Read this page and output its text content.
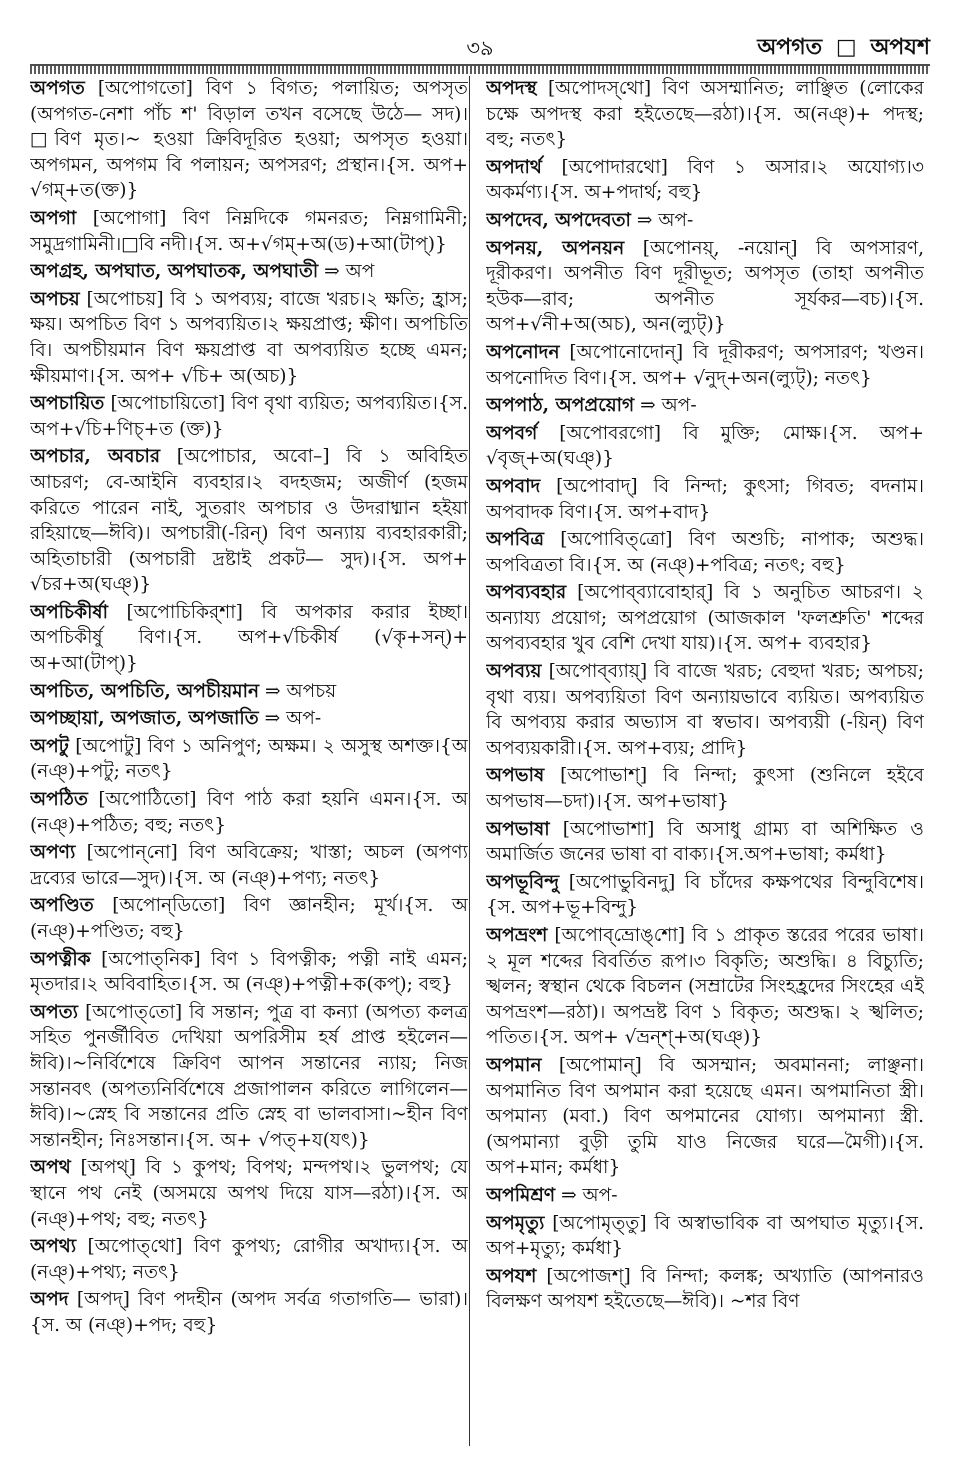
৩৯	অপগত □ অপযশ
অপগত [অপোগতো] বিণ ১ বিগত; পলায়িত; অপসৃত (অপগত-নেশা পাঁচ শ' বিড়াল তখন বসেছে উঠে— সদ)।□বিণ মৃত।~ হওয়া ক্রিবিদূরিত হওয়া; অপসৃত হওয়া। অপগমন, অপগম বি পলায়ন; অপসরণ; প্রস্থান।{স. অপ+ √গম্+ত(ক্ত)}
অপগা [অপোগা] বিণ নিম্নদিকে গমনরত; নিম্নগামিনী; সমুদ্রগামিনী।□বি নদী।{স. অ+√গম্+অ(ড)+আ(টাপ্)}
অপগ্রহ, অপঘাত, অপঘাতক, অপঘাতী ⇒ অপ
অপচয় [অপোচয়] বি ১ অপব্যয়; বাজে খরচ।২ ক্ষতি; হ্রাস; ক্ষয়। অপচিত বিণ ১ অপব্যয়িত।২ ক্ষয়প্রাপ্ত; ক্ষীণ। অপচিতি বি। অপচীয়মান বিণ ক্ষয়প্রাপ্ত বা অপব্যয়িত হচ্ছে এমন; ক্ষীয়মাণ।{স. অপ+ √চি+ অ(অচ)}
অপচায়িত [অপোচায়িতো] বিণ বৃথা ব্যয়িত; অপব্যয়িত।{স. অপ+√চি+ণিচ্+ত (ক্ত)}
অপচার, অবচার [অপোচার, অবো–] বি ১ অবিহিত আচরণ; বে-আইনি ব্যবহার।২ বদহজম; অজীর্ণ (হজম করিতে পারেন নাই, সুতরাং অপচার ও উদরাধ্মান হইয়া রহিয়াছে—ঈবি)। অপচারী(-রিন্) বিণ অন্যায় ব্যবহারকারী; অহিতাচারী (অপচারী দ্রষ্টাই প্রকট— সুদ)।{স. অপ+ √চর+অ(ঘঞ্)}
অপচিকীর্ষা [অপোচিকির্‌শা] বি অপকার করার ইচ্ছা। অপচিকীর্ষু বিণ।{স. অপ+√চিকীর্ষ (√কৃ+সন্)+ অ+আ(টাপ্)}
অপচিত, অপচিতি, অপচীয়মান ⇒ অপচয়
অপচ্ছায়া, অপজাত, অপজাতি ⇒ অপ-
অপটু [অপোটু] বিণ ১ অনিপুণ; অক্ষম। ২ অসুস্থ অশক্ত।{অ (নঞ্)+পটু; নতৎ}
অপঠিত [অপোঠিতো] বিণ পাঠ করা হয়নি এমন।{স. অ (নঞ্)+পঠিত; বহু; নতৎ}
অপণ্য [অপোন্‌নো] বিণ অবিক্রেয়; খাস্তা; অচল (অপণ্য দ্রব্যের ভারে—সুদ)।{স. অ (নঞ্)+পণ্য; নতৎ}
অপণ্ডিত [অপোন্‌ডিতো] বিণ জ্ঞানহীন; মূর্খ।{স. অ (নঞ্)+পণ্ডিত; বহু}
অপত্নীক [অপোত্‌নিক] বিণ ১ বিপত্নীক; পত্নী নাই এমন; মৃতদার।২ অবিবাহিত।{স. অ (নঞ্)+পত্নী+ক(কপ্); বহু}
অপত্য [অপোত্‌তো] বি সন্তান; পুত্র বা কন্যা (অপত্য কলত্র সহিত পুনর্জীবিত দেখিয়া অপরিসীম হর্ষ প্রাপ্ত হইলেন—ঈবি)।~নির্বিশেষে ক্রিবিণ আপন সন্তানের ন্যায়; নিজ সন্তানবৎ (অপত্যনির্বিশেষে প্রজাপালন করিতে লাগিলেন—ঈবি)।~স্নেহ বি সন্তানের প্রতি স্নেহ বা ভালবাসা।~হীন বিণ সন্তানহীন; নিঃসন্তান।{স. অ+ √পত্+য(যৎ)}
অপথ [অপথ্] বি ১ কুপথ; বিপথ; মন্দপথ।২ ভুলপথ; যে স্থানে পথ নেই (অসময়ে অপথ দিয়ে যাস—রঠা)।{স. অ (নঞ্)+পথ; বহু; নতৎ}
অপথ্য [অপোত্‌থো] বিণ কুপথ্য; রোগীর অখাদ্য।{স. অ (নঞ্)+পথ্য; নতৎ}
অপদ [অপদ্] বিণ পদহীন (অপদ সর্বত্র গতাগতি— ভারা)।{স. অ (নঞ্)+পদ; বহু}
অপদস্থ [অপোদস্‌থো] বিণ অসম্মানিত; লাঞ্ছিত (লোকের চক্ষে অপদস্থ করা হইতেছে—রঠা)।{স. অ(নঞ্)+ পদস্থ; বহু; নতৎ}
অপদার্থ [অপোদারথো] বিণ ১ অসার।২ অযোগ্য।৩ অকর্মণ্য।{স. অ+পদার্থ; বহু}
অপদেব, অপদেবতা ⇒ অপ-
অপনয়, অপনয়ন [অপোনয়্, -নয়োন্] বি অপসারণ, দূরীকরণ। অপনীত বিণ দূরীভূত; অপসৃত (তাহা অপনীত হউক—রাব; অপনীত সূর্যকর—বচ)।{স. অপ+√নী+অ(অচ), অন(ল্যুট্)}
অপনোদন [অপোনোদোন্] বি দূরীকরণ; অপসারণ; খণ্ডন। অপনোদিত বিণ।{স. অপ+ √নুদ্+অন(ল্যুট্); নতৎ}
অপপাঠ, অপপ্রয়োগ ⇒ অপ-
অপবর্গ [অপোবরগো] বি মুক্তি; মোক্ষ।{স. অপ+ √বৃজ্+অ(ঘঞ্)}
অপবাদ [অপোবাদ্] বি নিন্দা; কুৎসা; গিবত; বদনাম। অপবাদক বিণ।{স. অপ+বাদ}
অপবিত্র [অপোবিত্‌ত্রো] বিণ অশুচি; নাপাক; অশুদ্ধ। অপবিত্রতা বি।{স. অ (নঞ্)+পবিত্র; নতৎ; বহু}
অপব্যবহার [অপোব্‌ব্যাবোহার্] বি ১ অনুচিত আচরণ। ২ অন্যায্য প্রয়োগ; অপপ্রয়োগ (আজকাল 'ফলশ্রুতি' শব্দের অপব্যবহার খুব বেশি দেখা যায়)।{স. অপ+ ব্যবহার}
অপব্যয় [অপোব্‌ব্যায়্] বি বাজে খরচ; বেহুদা খরচ; অপচয়; বৃথা ব্যয়। অপব্যয়িতা বিণ অন্যায়ভাবে ব্যয়িত। অপব্যয়িত বি অপব্যয় করার অভ্যাস বা স্বভাব। অপব্যয়ী (-য়িন্) বিণ অপব্যয়কারী।{স. অপ+ব্যয়; প্রাদি}
অপভাষ [অপোভাশ্] বি নিন্দা; কুৎসা (শুনিলে হইবে অপভাষ—চদা)।{স. অপ+ভাষা}
অপভাষা [অপোভাশা] বি অসাধু গ্রাম্য বা অশিক্ষিত ও অমার্জিত জনের ভাষা বা বাক্য।{স.অপ+ভাষা; কর্মধা}
অপভূবিন্দু [অপোভুবিনদু] বি চাঁদের কক্ষপথের বিন্দুবিশেষ।{স. অপ+ভূ+বিন্দু}
অপভ্রংশ [অপোব্‌ভ্রোঙ্‌শো] বি ১ প্রাকৃত স্তরের পরের ভাষা।২ মূল শব্দের বিবর্তিত রূপ।৩ বিকৃতি; অশুদ্ধি। ৪ বিচ্যুতি; স্খলন; স্বস্থান থেকে বিচলন (সম্রাটের সিংহহ্রদের সিংহের এই অপভ্রংশ—রঠা)। অপভ্রষ্ট বিণ ১ বিকৃত; অশুদ্ধ। ২ স্খলিত; পতিত।{স. অপ+ √ভ্রন্‌শ্+অ(ঘঞ্)}
অপমান [অপোমান্] বি অসম্মান; অবমাননা; লাঞ্ছনা। অপমানিত বিণ অপমান করা হয়েছে এমন। অপমানিতা স্ত্রী। অপমান্য (মবা.) বিণ অপমানের যোগ্য। অপমান্যা স্ত্রী. (অপমান্যা বুড়ী তুমি যাও নিজের ঘরে—মৈগী)।{স. অপ+মান; কর্মধা}
অপমিশ্রণ ⇒ অপ-
অপমৃত্যু [অপোমৃত্‌তু] বি অস্বাভাবিক বা অপঘাত মৃত্যু।{স. অপ+মৃত্যু; কর্মধা}
অপযশ [অপোজশ্] বি নিন্দা; কলঙ্ক; অখ্যাতি (আপনারও বিলক্ষণ অপযশ হইতেছে—ঈবি)। ~শর বিণ
